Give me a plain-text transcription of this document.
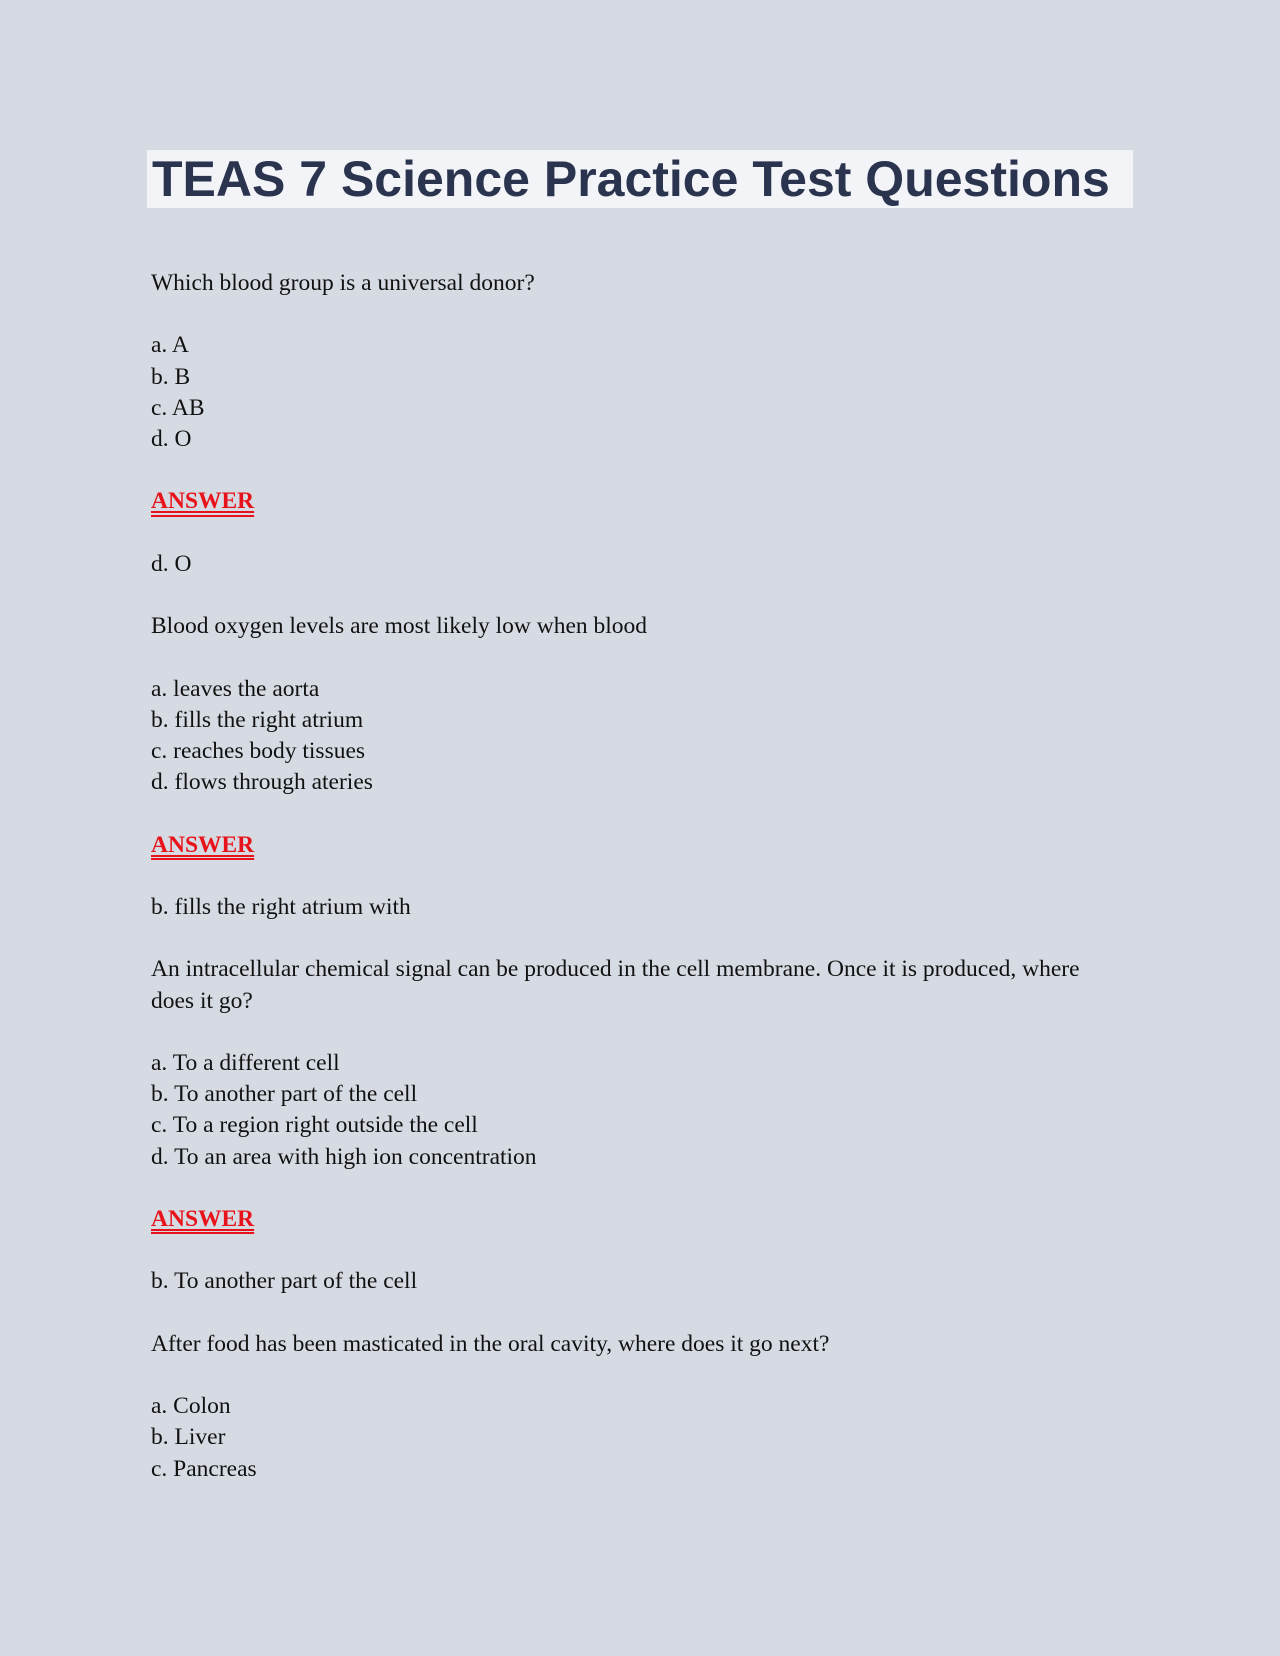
TEAS 7 Science Practice Test Questions

Which blood group is a universal donor?

a. A
b. B
c. AB
d. O

ANSWER

d. O

Blood oxygen levels are most likely low when blood

a. leaves the aorta
b. fills the right atrium
c. reaches body tissues
d. flows through ateries

ANSWER

b. fills the right atrium with

An intracellular chemical signal can be produced in the cell membrane. Once it is produced, where does it go?

a. To a different cell
b. To another part of the cell
c. To a region right outside the cell
d. To an area with high ion concentration

ANSWER

b. To another part of the cell

After food has been masticated in the oral cavity, where does it go next?

a. Colon
b. Liver
c. Pancreas
